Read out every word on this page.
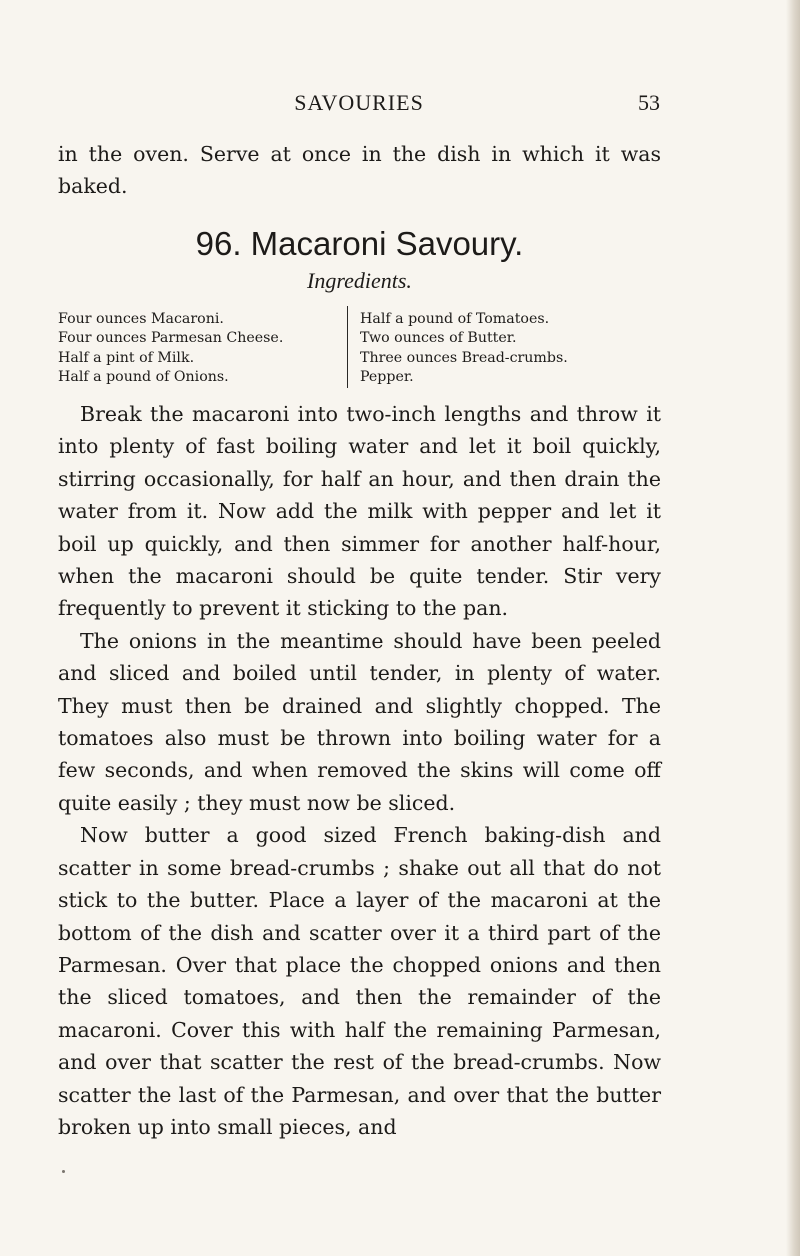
SAVOURIES	53

in the oven. Serve at once in the dish in which it was baked.

96. Macaroni Savoury.

Ingredients.

Four ounces Macaroni.
Four ounces Parmesan Cheese.
Half a pint of Milk.
Half a pound of Onions.
Half a pound of Tomatoes.
Two ounces of Butter.
Three ounces Bread-crumbs.
Pepper.

Break the macaroni into two-inch lengths and throw it into plenty of fast boiling water and let it boil quickly, stirring occasionally, for half an hour, and then drain the water from it. Now add the milk with pepper and let it boil up quickly, and then simmer for another half-hour, when the macaroni should be quite tender. Stir very frequently to prevent it sticking to the pan.

The onions in the meantime should have been peeled and sliced and boiled until tender, in plenty of water. They must then be drained and slightly chopped. The tomatoes also must be thrown into boiling water for a few seconds, and when removed the skins will come off quite easily ; they must now be sliced.

Now butter a good sized French baking-dish and scatter in some bread-crumbs ; shake out all that do not stick to the butter. Place a layer of the macaroni at the bottom of the dish and scatter over it a third part of the Parmesan. Over that place the chopped onions and then the sliced tomatoes, and then the remainder of the macaroni. Cover this with half the remaining Parmesan, and over that scatter the rest of the bread-crumbs. Now scatter the last of the Parmesan, and over that the butter broken up into small pieces, and
